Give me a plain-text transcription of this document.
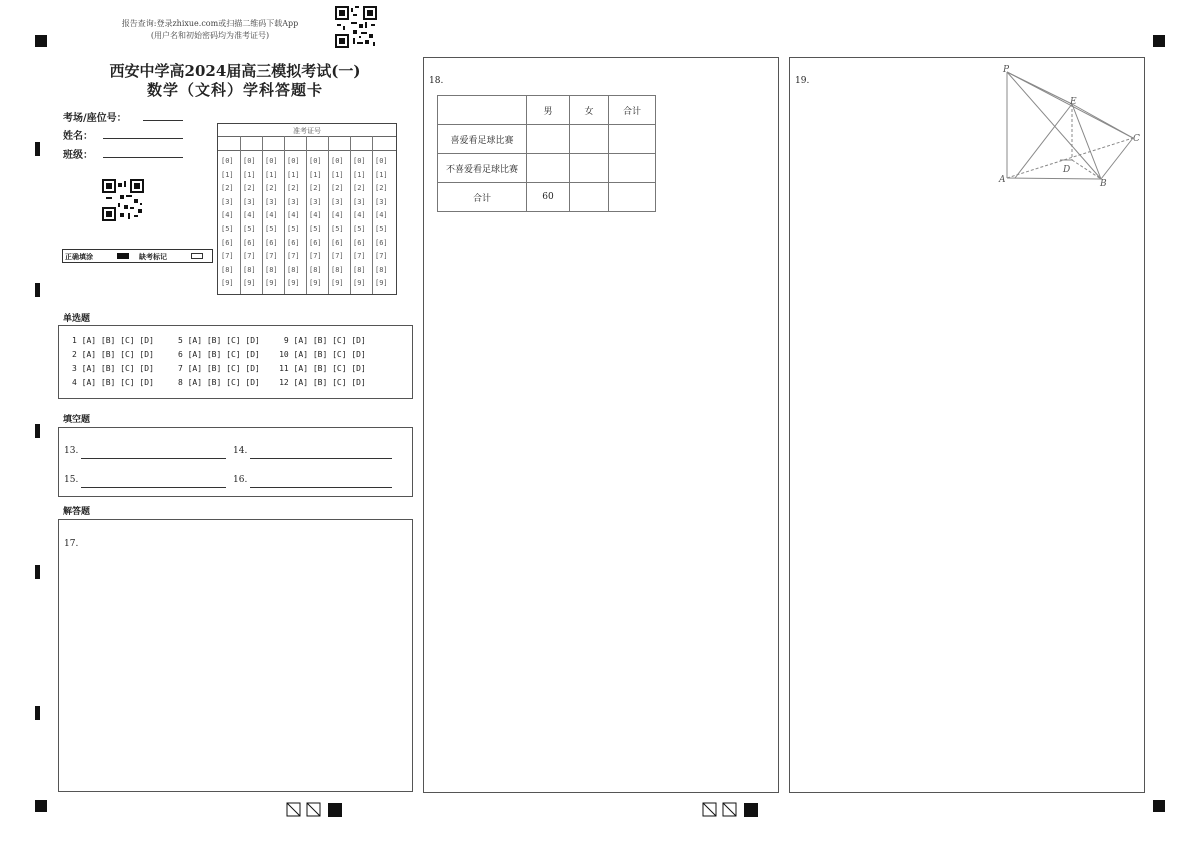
报告查询:登录zhixue.com或扫描二维码下载App
(用户名和初始密码均为准考证号)
西安中学高2024届高三模拟考试(一)
数学（文科）学科答题卡
考场/座位号：
姓名：
班级：
正确填涂	缺考标记
准考证号
[0]
[1]
[2]
[3]
[4]
[5]
[6]
[7]
[8]
[9]
[0]
[1]
[2]
[3]
[4]
[5]
[6]
[7]
[8]
[9]
[0]
[1]
[2]
[3]
[4]
[5]
[6]
[7]
[8]
[9]
[0]
[1]
[2]
[3]
[4]
[5]
[6]
[7]
[8]
[9]
[0]
[1]
[2]
[3]
[4]
[5]
[6]
[7]
[8]
[9]
[0]
[1]
[2]
[3]
[4]
[5]
[6]
[7]
[8]
[9]
[0]
[1]
[2]
[3]
[4]
[5]
[6]
[7]
[8]
[9]
[0]
[1]
[2]
[3]
[4]
[5]
[6]
[7]
[8]
[9]
单选题
1 [A] [B] [C] [D]     5 [A] [B] [C] [D]     9 [A] [B] [C] [D]
2 [A] [B] [C] [D]     6 [A] [B] [C] [D]    10 [A] [B] [C] [D]
3 [A] [B] [C] [D]     7 [A] [B] [C] [D]    11 [A] [B] [C] [D]
4 [A] [B] [C] [D]     8 [A] [B] [C] [D]    12 [A] [B] [C] [D]
填空题
13.	14.
15.	16.
解答题
17.
18.
	男	女	合计
喜爱看足球比赛			
不喜爱看足球比赛			
合计	60		
19.
P
E
C
A
D
B
